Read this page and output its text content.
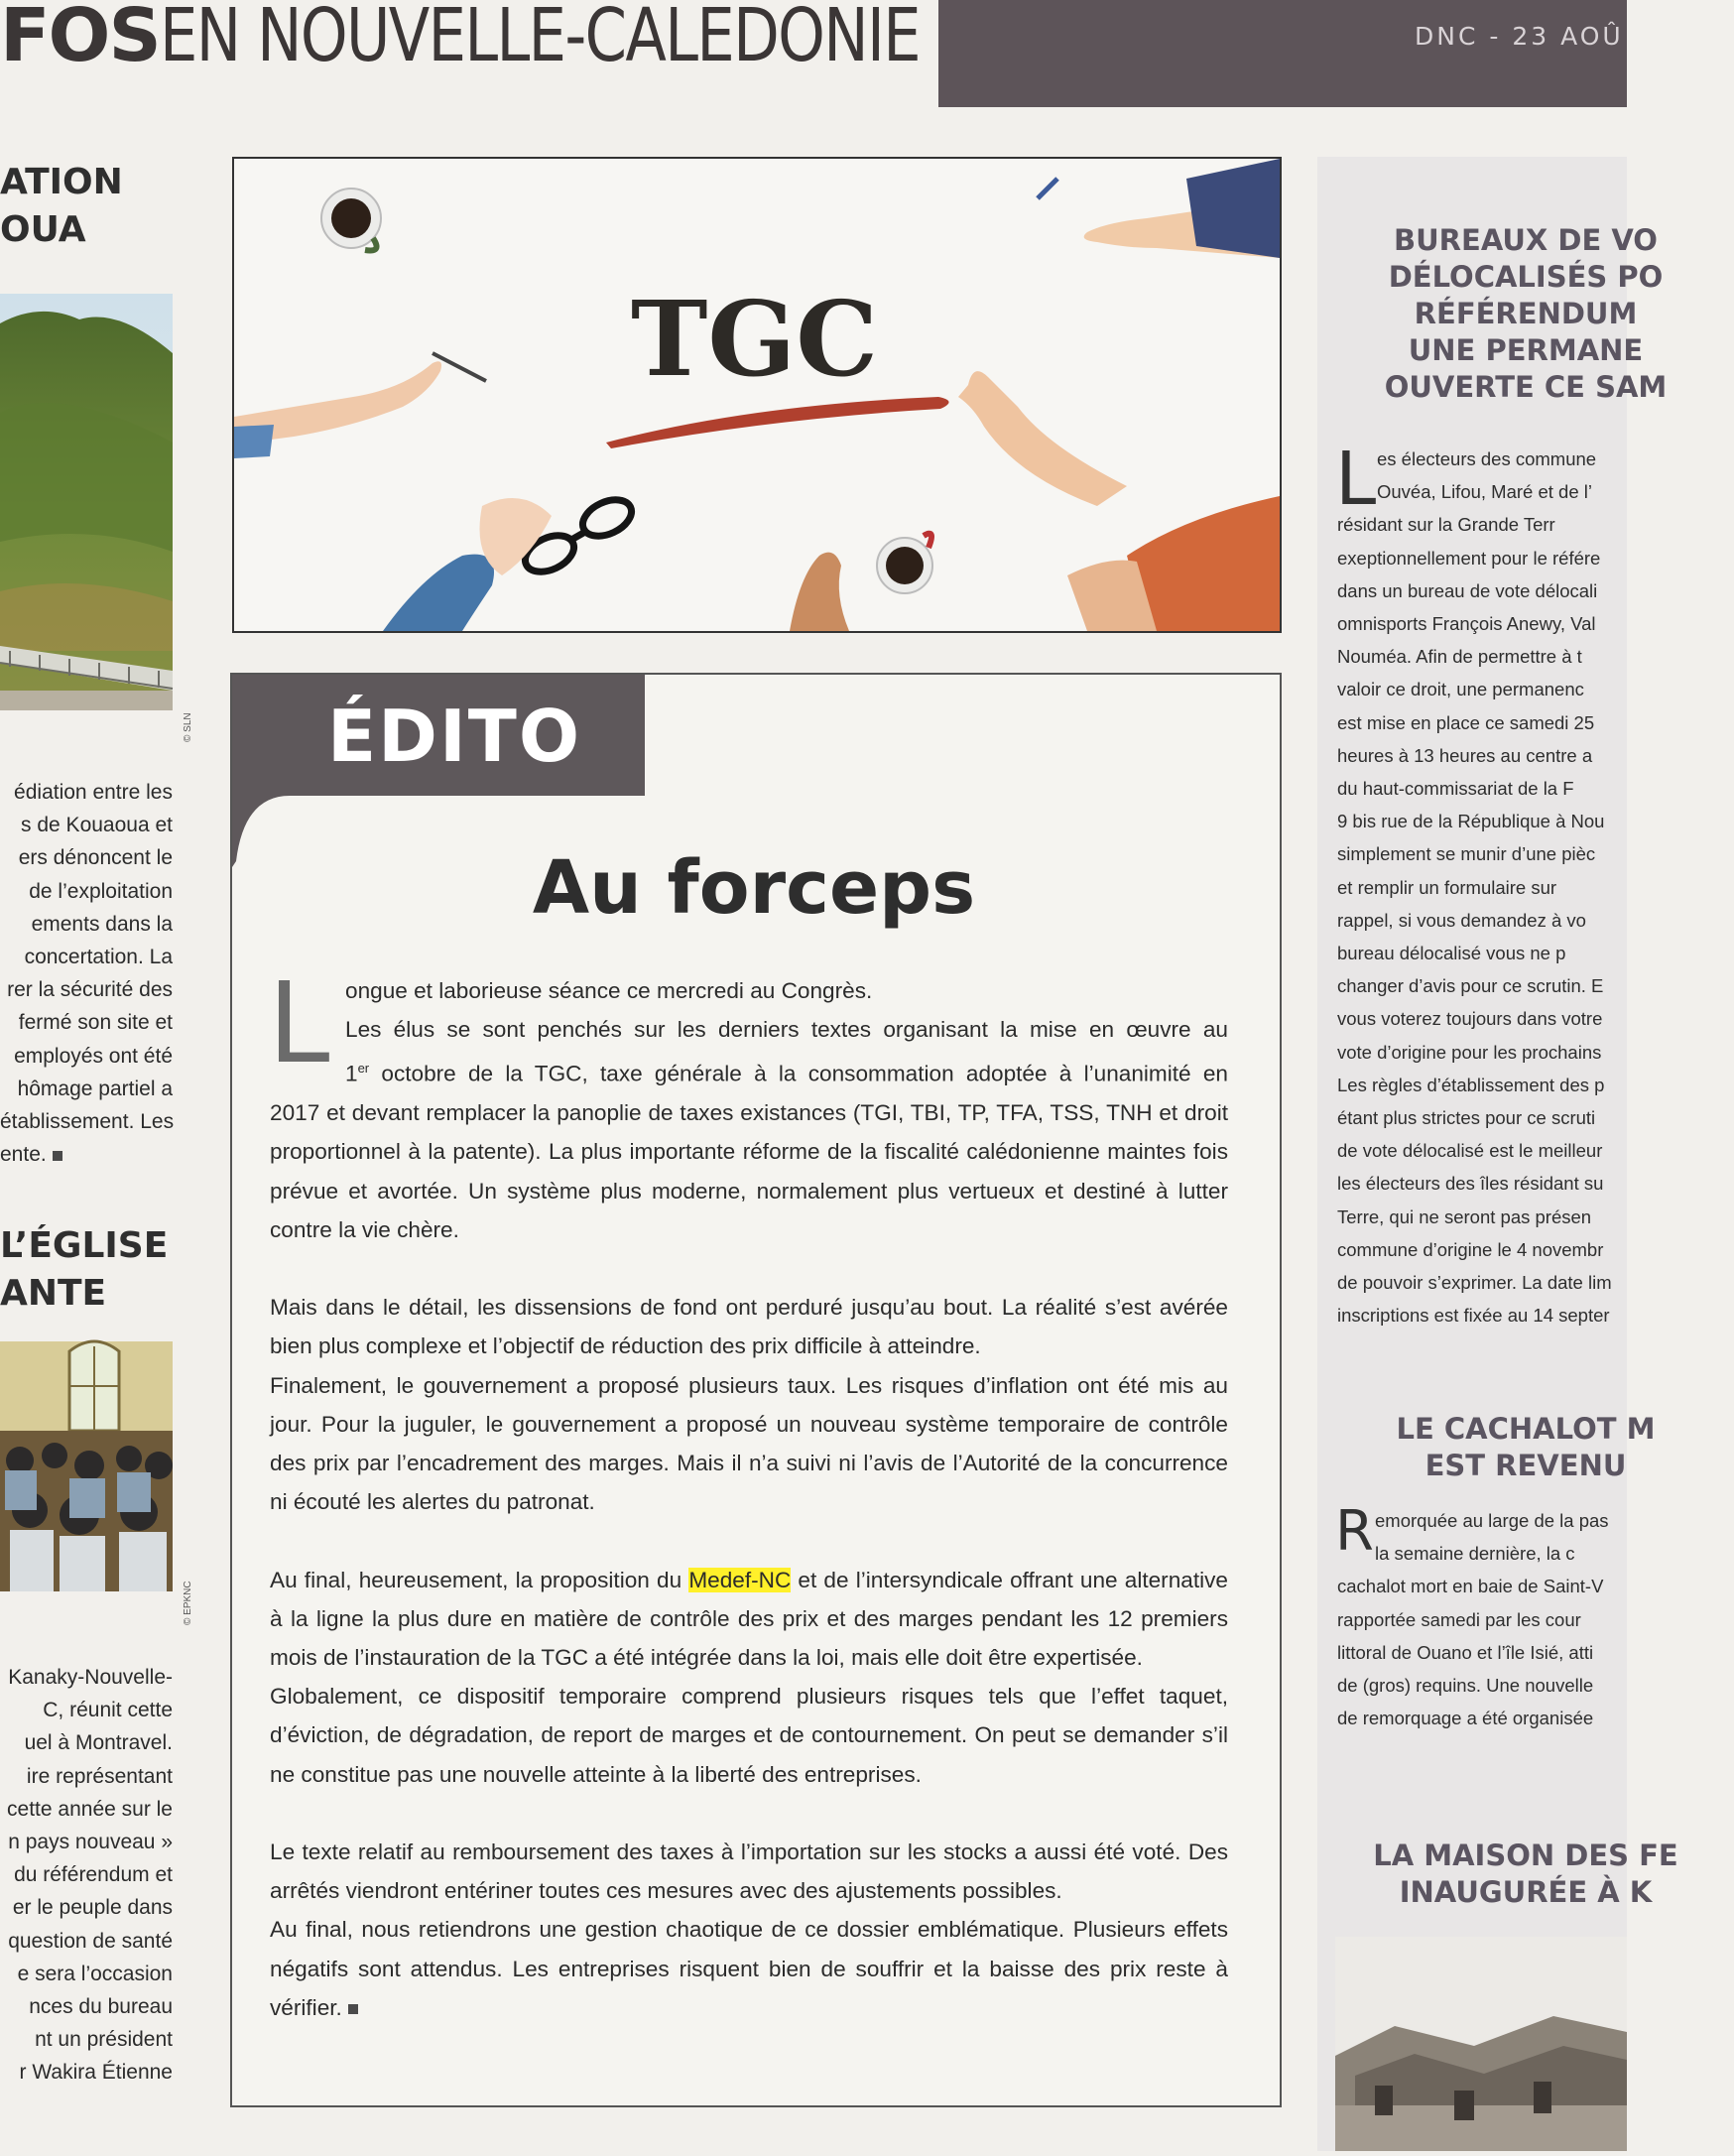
FOSEN NOUVELLE-CALEDONIE	DNC - 23 AOÛ
ATION
OUA
© SLN
édiation entre les
s de Kouaoua et
ers dénoncent le
de l’exploitation
ements dans la
concertation. La
rer la sécurité des
fermé son site et
employés ont été
hômage partiel a
établissement. Les
ente.
L’ÉGLISE
ANTE
© EPKNC
Kanaky-Nouvelle-
C, réunit cette
uel à Montravel.
ire représentant
cette année sur le
n pays nouveau »
du référendum et
er le peuple dans
question de santé
e sera l’occasion
nces du bureau
nt un président
r Wakira Étienne
TGC
ÉDITO
Au forceps
L ongue et laborieuse séance ce mercredi au Congrès.
Les élus se sont penchés sur les derniers textes organisant la mise en œuvre au
1er octobre de la TGC, taxe générale à la consommation adoptée à l’unanimité en

2017 et devant remplacer la panoplie de taxes existances (TGI, TBI, TP, TFA, TSS, TNH et droit proportionnel à la patente). La plus importante réforme de la fiscalité calédonienne maintes fois prévue et avortée. Un système plus moderne, normalement plus vertueux et destiné à lutter contre la vie chère.

Mais dans le détail, les dissensions de fond ont perduré jusqu’au bout. La réalité s’est avérée bien plus complexe et l’objectif de réduction des prix difficile à atteindre.

Finalement, le gouvernement a proposé plusieurs taux. Les risques d’inflation ont été mis au jour. Pour la juguler, le gouvernement a proposé un nouveau système temporaire de contrôle des prix par l’encadrement des marges. Mais il n’a suivi ni l’avis de l’Autorité de la concurrence ni écouté les alertes du patronat.

Au final, heureusement, la proposition du Medef-NC et de l’intersyndicale offrant une alternative à la ligne la plus dure en matière de contrôle des prix et des marges pendant les 12 premiers mois de l’instauration de la TGC a été intégrée dans la loi, mais elle doit être expertisée.

Globalement, ce dispositif temporaire comprend plusieurs risques tels que l’effet taquet, d’éviction, de dégradation, de report de marges et de contournement. On peut se demander s’il ne constitue pas une nouvelle atteinte à la liberté des entreprises.

Le texte relatif au remboursement des taxes à l’importation sur les stocks a aussi été voté. Des arrêtés viendront entériner toutes ces mesures avec des ajustements possibles.

Au final, nous retiendrons une gestion chaotique de ce dossier emblématique. Plusieurs effets négatifs sont attendus. Les entreprises risquent bien de souffrir et la baisse des prix reste à vérifier.

BUREAUX DE VO
DÉLOCALISÉS PO
RÉFÉRENDUM
UNE PERMANE
OUVERTE CE SAM
L es électeurs des commune
Ouvéa, Lifou, Maré et de l’
résidant sur la Grande Terr
exeptionnellement pour le référe
dans un bureau de vote délocali
omnisports François Anewy, Val
Nouméa. Afin de permettre à t
valoir ce droit, une permanenc
est mise en place ce samedi 25
heures à 13 heures au centre a
du haut-commissariat de la F
9 bis rue de la République à Nou
simplement se munir d’une pièc
et remplir un formulaire sur
rappel, si vous demandez à vo
bureau délocalisé vous ne p
changer d’avis pour ce scrutin. E
vous voterez toujours dans votre
vote d’origine pour les prochains
Les règles d’établissement des p
étant plus strictes pour ce scruti
de vote délocalisé est le meilleur
les électeurs des îles résidant su
Terre, qui ne seront pas présen
commune d’origine le 4 novembr
de pouvoir s’exprimer. La date lim
inscriptions est fixée au 14 septer
LE CACHALOT M
EST REVENU
R emorquée au large de la pas
la semaine dernière, la c
cachalot mort en baie de Saint-V
rapportée samedi par les cour
littoral de Ouano et l’île Isié, atti
de (gros) requins. Une nouvelle
de remorquage a été organisée
LA MAISON DES FE
INAUGURÉE À K
